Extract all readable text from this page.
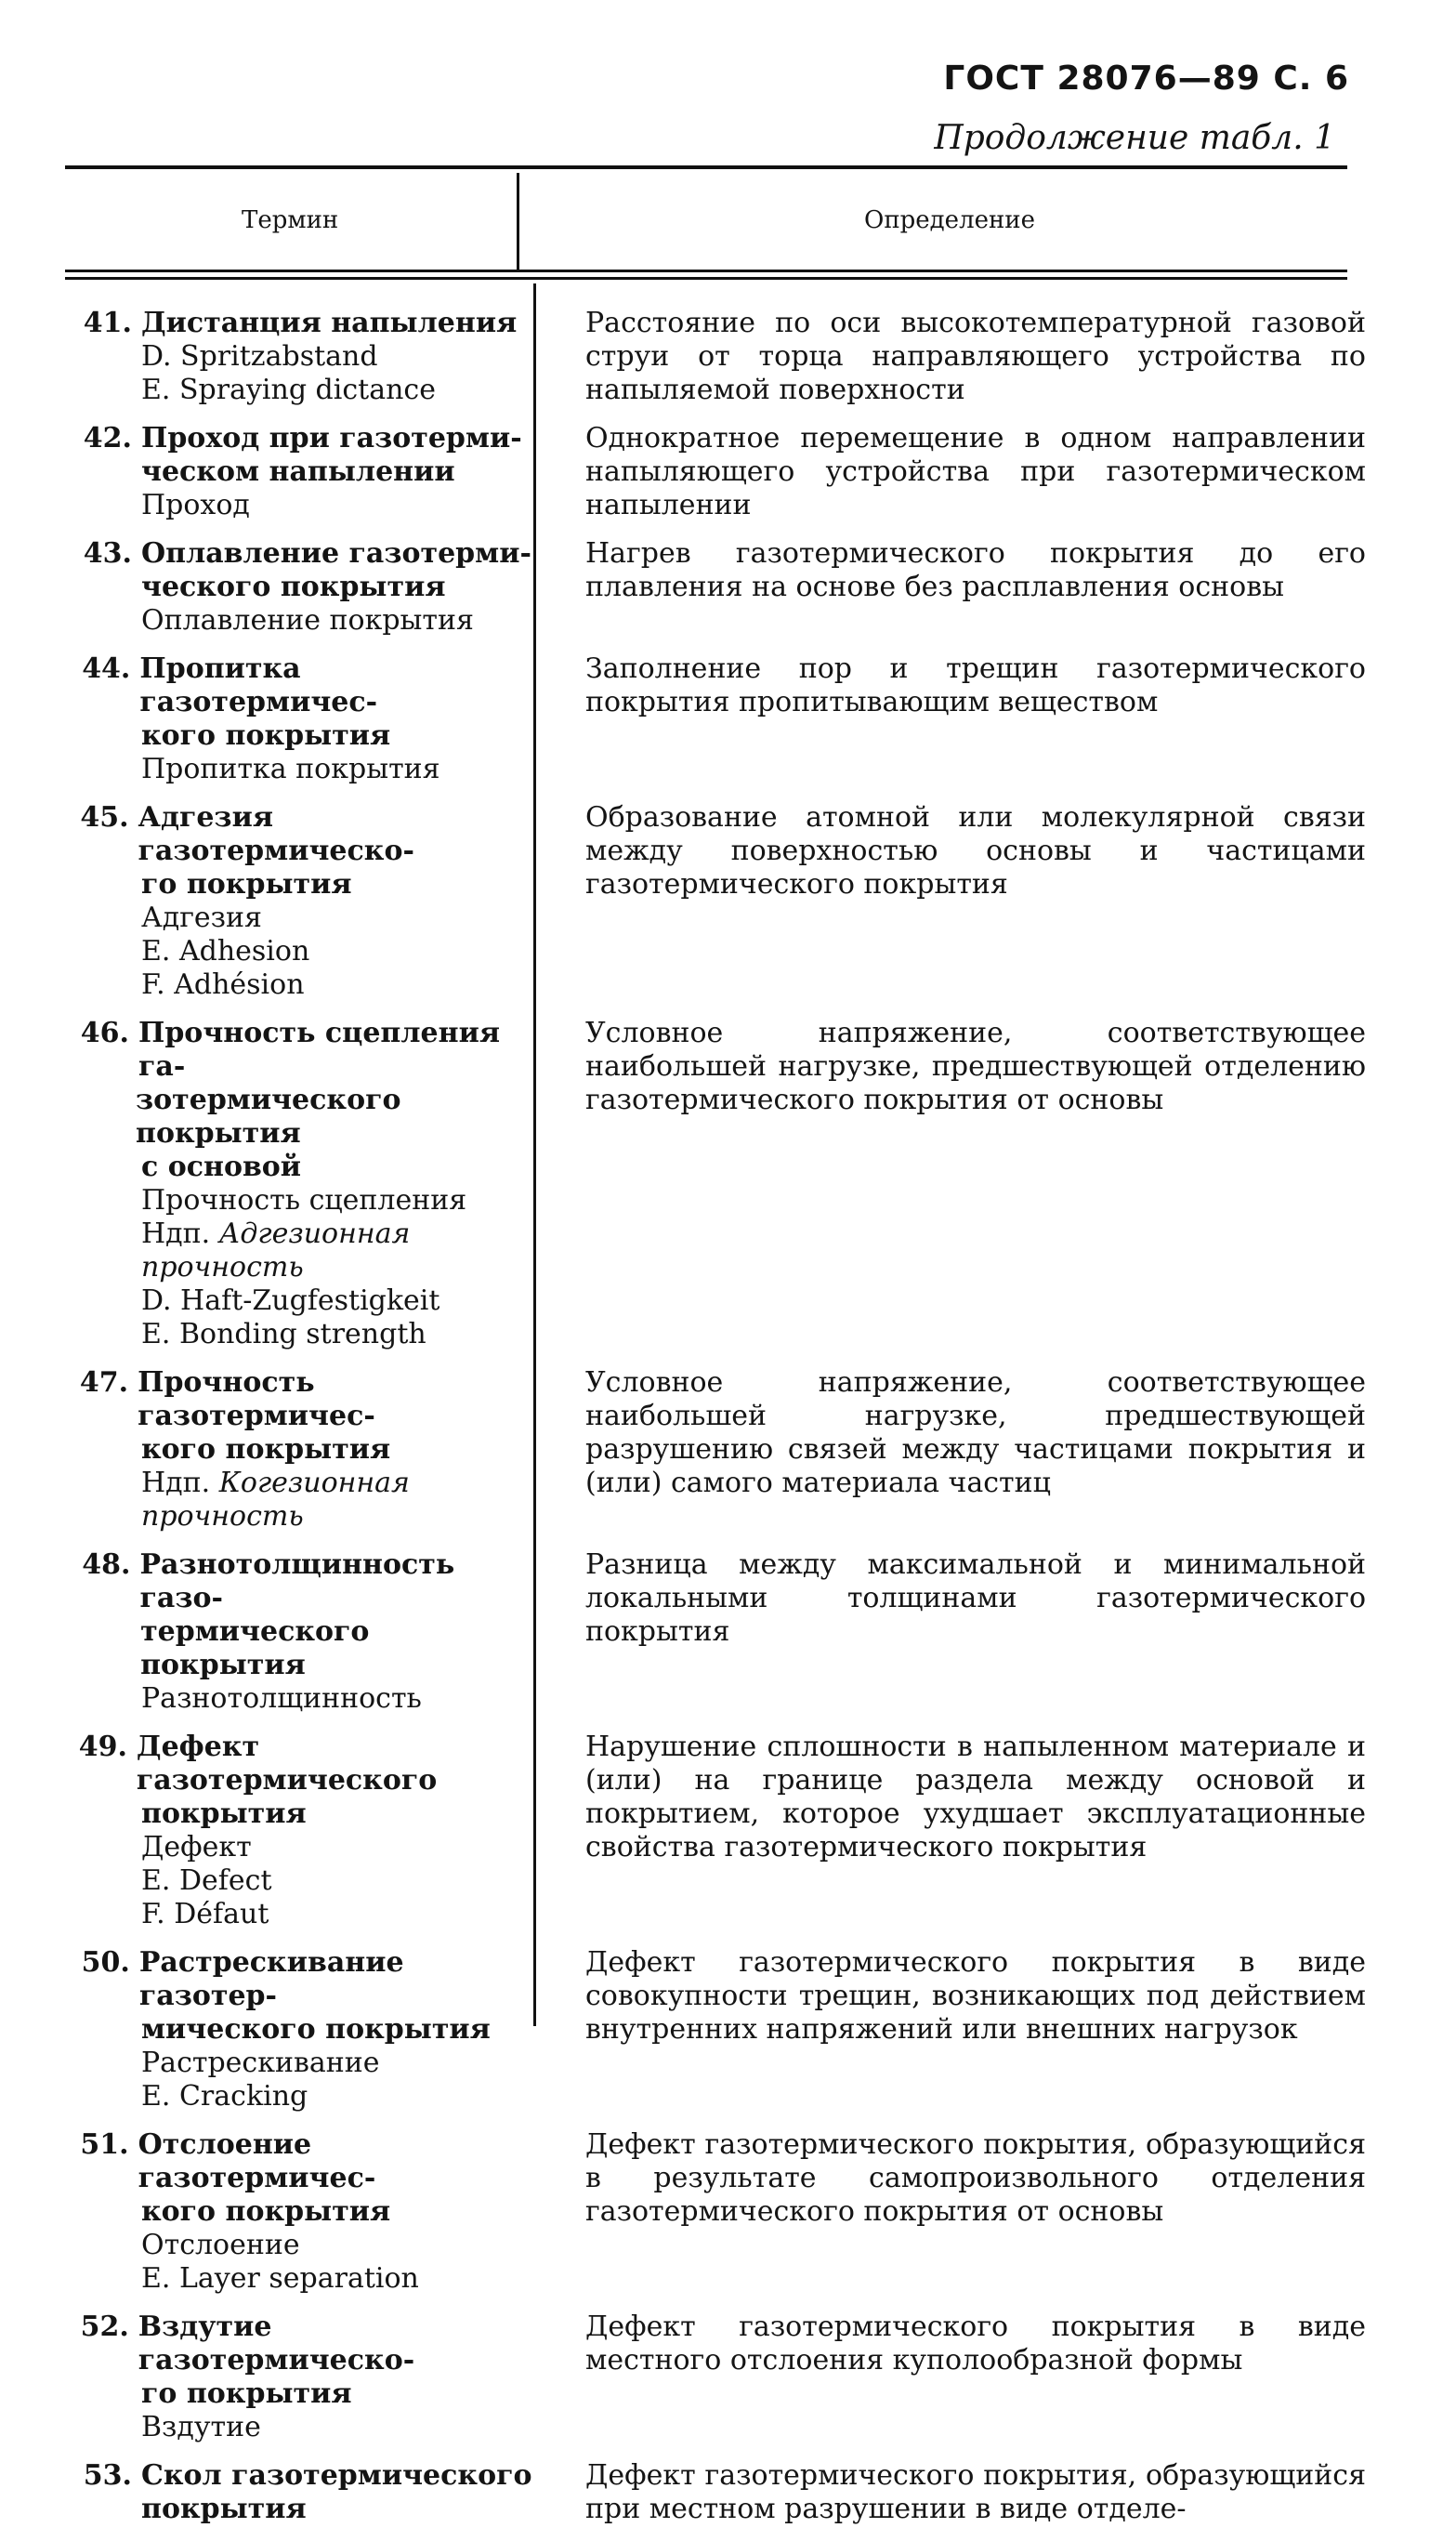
ГОСТ 28076—89 С. 6
Продолжение табл. 1
Термин	Определение
41. Дистанция напыления
D. Spritzabstand
E. Spraying dictance
Расстояние по оси высокотемпературной газовой струи от торца направляющего устройства по напыляемой поверхности
42. Проход при газотерми-
ческом напылении
Проход
Однократное перемещение в одном направлении напыляющего устройства при газотермическом напылении
43. Оплавление газотерми-
ческого покрытия
Оплавление покрытия
Нагрев газотермического покрытия до его плавления на основе без расплавления основы
44. Пропитка газотермичес-
кого покрытия
Пропитка покрытия
Заполнение пор и трещин газотермического покрытия пропитывающим веществом
45. Адгезия газотермическо-
го покрытия
Адгезия
E. Adhesion
F. Adhésion
Образование атомной или молекулярной связи между поверхностью основы и частицами газотермического покрытия
46. Прочность сцепления га-
зотермического покрытия
с основой
Прочность сцепления
Ндп. Адгезионная прочность
D. Haft-Zugfestigkeit
E. Bonding strength
Условное напряжение, соответствующее наибольшей нагрузке, предшествующей отделению газотермического покрытия от основы
47. Прочность газотермичес-
кого покрытия
Ндп. Когезионная прочность
Условное напряжение, соответствующее наибольшей нагрузке, предшествующей разрушению связей между частицами покрытия и (или) самого материала частиц
48. Разнотолщинность газо-
термического покрытия
Разнотолщинность
Разница между максимальной и минимальной локальными толщинами газотермического покрытия
49. Дефект газотермического
покрытия
Дефект
E. Defect
F. Défaut
Нарушение сплошности в напыленном материале и (или) на границе раздела между основой и покрытием, которое ухудшает эксплуатационные свойства газотермического покрытия
50. Растрескивание газотер-
мического покрытия
Растрескивание
E. Cracking
Дефект газотермического покрытия в виде совокупности трещин, возникающих под действием внутренних напряжений или внешних нагрузок
51. Отслоение газотермичес-
кого покрытия
Отслоение
E. Layer separation
Дефект газотермического покрытия, образующийся в результате самопроизвольного отделения газотермического покрытия от основы
52. Вздутие газотермическо-
го покрытия
Вздутие
Дефект газотермического покрытия в виде местного отслоения куполообразной формы
53. Скол газотермического
покрытия
Дефект газотермического покрытия, образующийся при местном разрушении в виде отделе-
